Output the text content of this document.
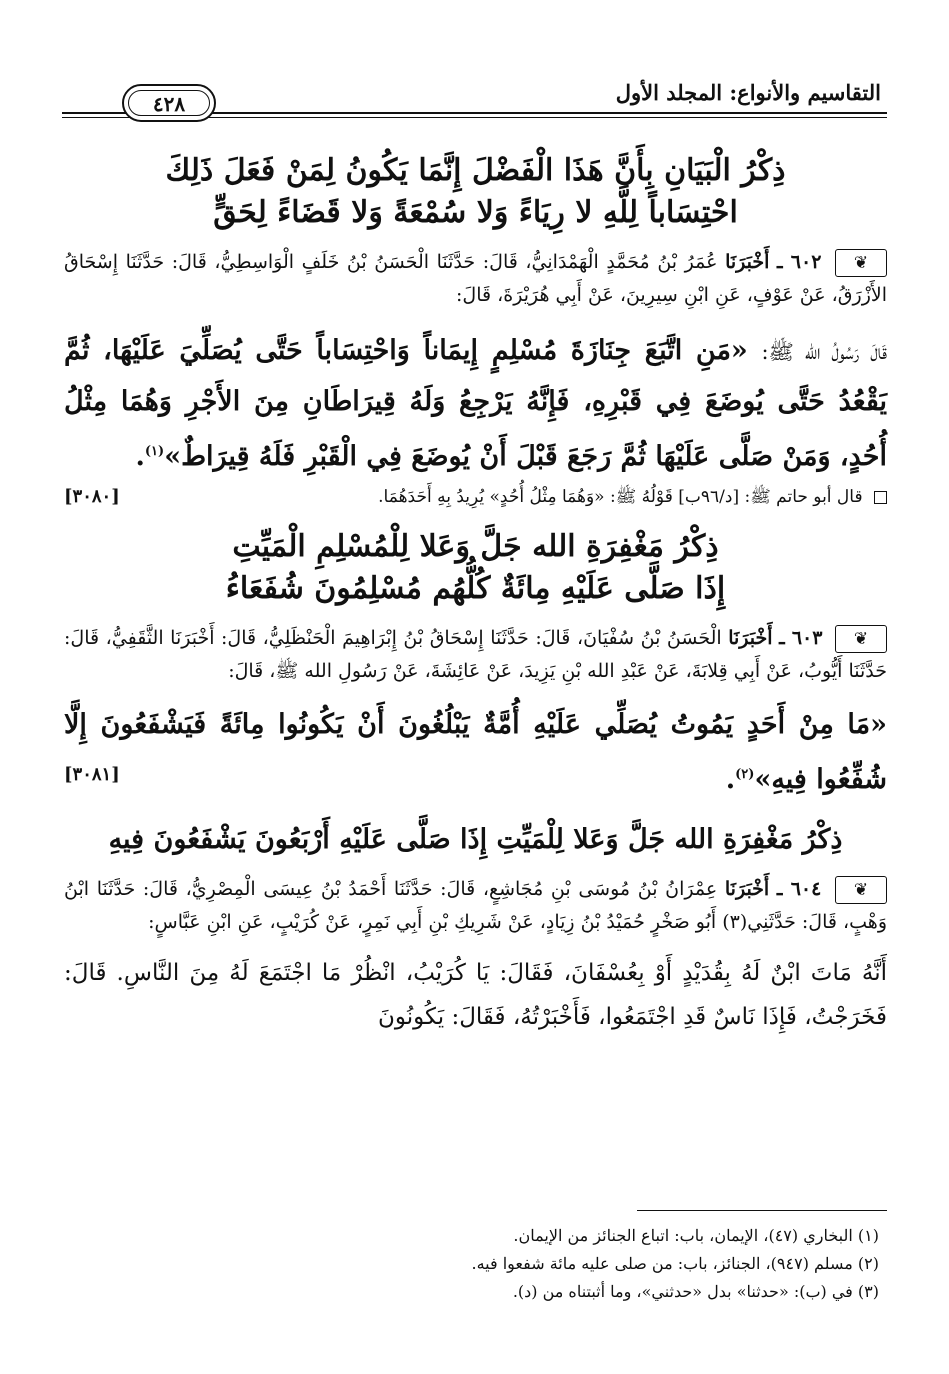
التقاسيم والأنواع: المجلد الأول
٤٢٨

ذِكْرُ الْبَيَانِ بِأَنَّ هَذَا الْفَضْلَ إِنَّمَا يَكُونُ لِمَنْ فَعَلَ ذَلِكَ

احْتِسَاباً لِلَّهِ لا رِيَاءً وَلا سُمْعَةً وَلا قَضَاءً لِحَقٍّ

❦
٦٠٢ ـ أَخْبَرَنَا عُمَرُ بْنُ مُحَمَّدٍ الْهَمْدَانِيُّ، قَالَ: حَدَّثَنَا الْحَسَنُ بْنُ خَلَفٍ الْوَاسِطِيُّ، قَالَ: حَدَّثَنَا إِسْحَاقُ الأَزْرَقُ، عَنْ عَوْفٍ، عَنِ ابْنِ سِيرِينَ، عَنْ أَبِي هُرَيْرَةَ، قَالَ:

قَالَ رَسُولُ الله ﷺ: «مَنِ اتَّبَعَ جِنَازَةَ مُسْلِمٍ إِيمَاناً وَاحْتِسَاباً حَتَّى يُصَلِّيَ عَلَيْهَا، ثُمَّ يَقْعُدُ حَتَّى يُوضَعَ فِي قَبْرِهِ، فَإِنَّهُ يَرْجِعُ وَلَهُ قِيرَاطَانِ مِنَ الأَجْرِ وَهُمَا مِثْلُ أُحُدٍ، وَمَنْ صَلَّى عَلَيْهَا ثُمَّ رَجَعَ قَبْلَ أَنْ يُوضَعَ فِي الْقَبْرِ فَلَهُ قِيرَاطٌ»$^{(١)}$.

قال أبو حاتم ﷺ: [د/٩٦ب] قَوْلُهُ ﷺ: «وَهُمَا مِثْلُ أُحُدٍ» يُرِيدُ بِهِ أَحَدَهُمَا.
[٣٠٨٠]

ذِكْرُ مَغْفِرَةِ الله جَلَّ وَعَلا لِلْمُسْلِمِ الْمَيِّتِ

إِذَا صَلَّى عَلَيْهِ مِائَةٌ كُلُّهُم مُسْلِمُونَ شُفَعَاءُ

❦
٦٠٣ ـ أَخْبَرَنَا الْحَسَنُ بْنُ سُفْيَانَ، قَالَ: حَدَّثَنَا إِسْحَاقُ بْنُ إِبْرَاهِيمَ الْحَنْظَلِيُّ، قَالَ: أَخْبَرَنَا الثَّقَفِيُّ، قَالَ: حَدَّثَنَا أَيُّوبُ، عَنْ أَبِي قِلابَةَ، عَنْ عَبْدِ الله بْنِ يَزِيدَ، عَنْ عَائِشَةَ، عَنْ رَسُولِ الله ﷺ، قَالَ:

«مَا مِنْ أَحَدٍ يَمُوتُ يُصَلِّي عَلَيْهِ أُمَّةٌ يَبْلُغُونَ أَنْ يَكُونُوا مِائَةً فَيَشْفَعُونَ إِلَّا شُفِّعُوا فِيهِ»$^{(٢)}$.
[٣٠٨١]

ذِكْرُ مَغْفِرَةِ الله جَلَّ وَعَلا لِلْمَيِّتِ إِذَا صَلَّى عَلَيْهِ أَرْبَعُونَ يَشْفَعُونَ فِيهِ

❦
٦٠٤ ـ أَخْبَرَنَا عِمْرَانُ بْنُ مُوسَى بْنِ مُجَاشِعٍ، قَالَ: حَدَّثَنَا أَحْمَدُ بْنُ عِيسَى الْمِصْرِيُّ، قَالَ: حَدَّثَنَا ابْنُ وَهْبٍ، قَالَ: حَدَّثَنِي(٣) أَبُو صَخْرٍ حُمَيْدُ بْنُ زِيَادٍ، عَنْ شَرِيكِ بْنِ أَبِي نَمِرٍ، عَنْ كُرَيْبٍ، عَنِ ابْنِ عَبَّاسٍ:

أَنَّهُ مَاتَ ابْنٌ لَهُ بِقُدَيْدٍ أَوْ بِعُسْفَانَ، فَقَالَ: يَا كُرَيْبُ، انْظُرْ مَا اجْتَمَعَ لَهُ مِنَ النَّاسِ. قَالَ: فَخَرَجْتُ، فَإِذَا نَاسٌ قَدِ اجْتَمَعُوا، فَأَخْبَرْتُهُ، فَقَالَ: يَكُونُونَ

(١) البخاري (٤٧)، الإيمان، باب: اتباع الجنائز من الإيمان.

(٢) مسلم (٩٤٧)، الجنائز، باب: من صلى عليه مائة شفعوا فيه.

(٣) في (ب): «حدثنا» بدل «حدثني»، وما أثبتناه من (د).
